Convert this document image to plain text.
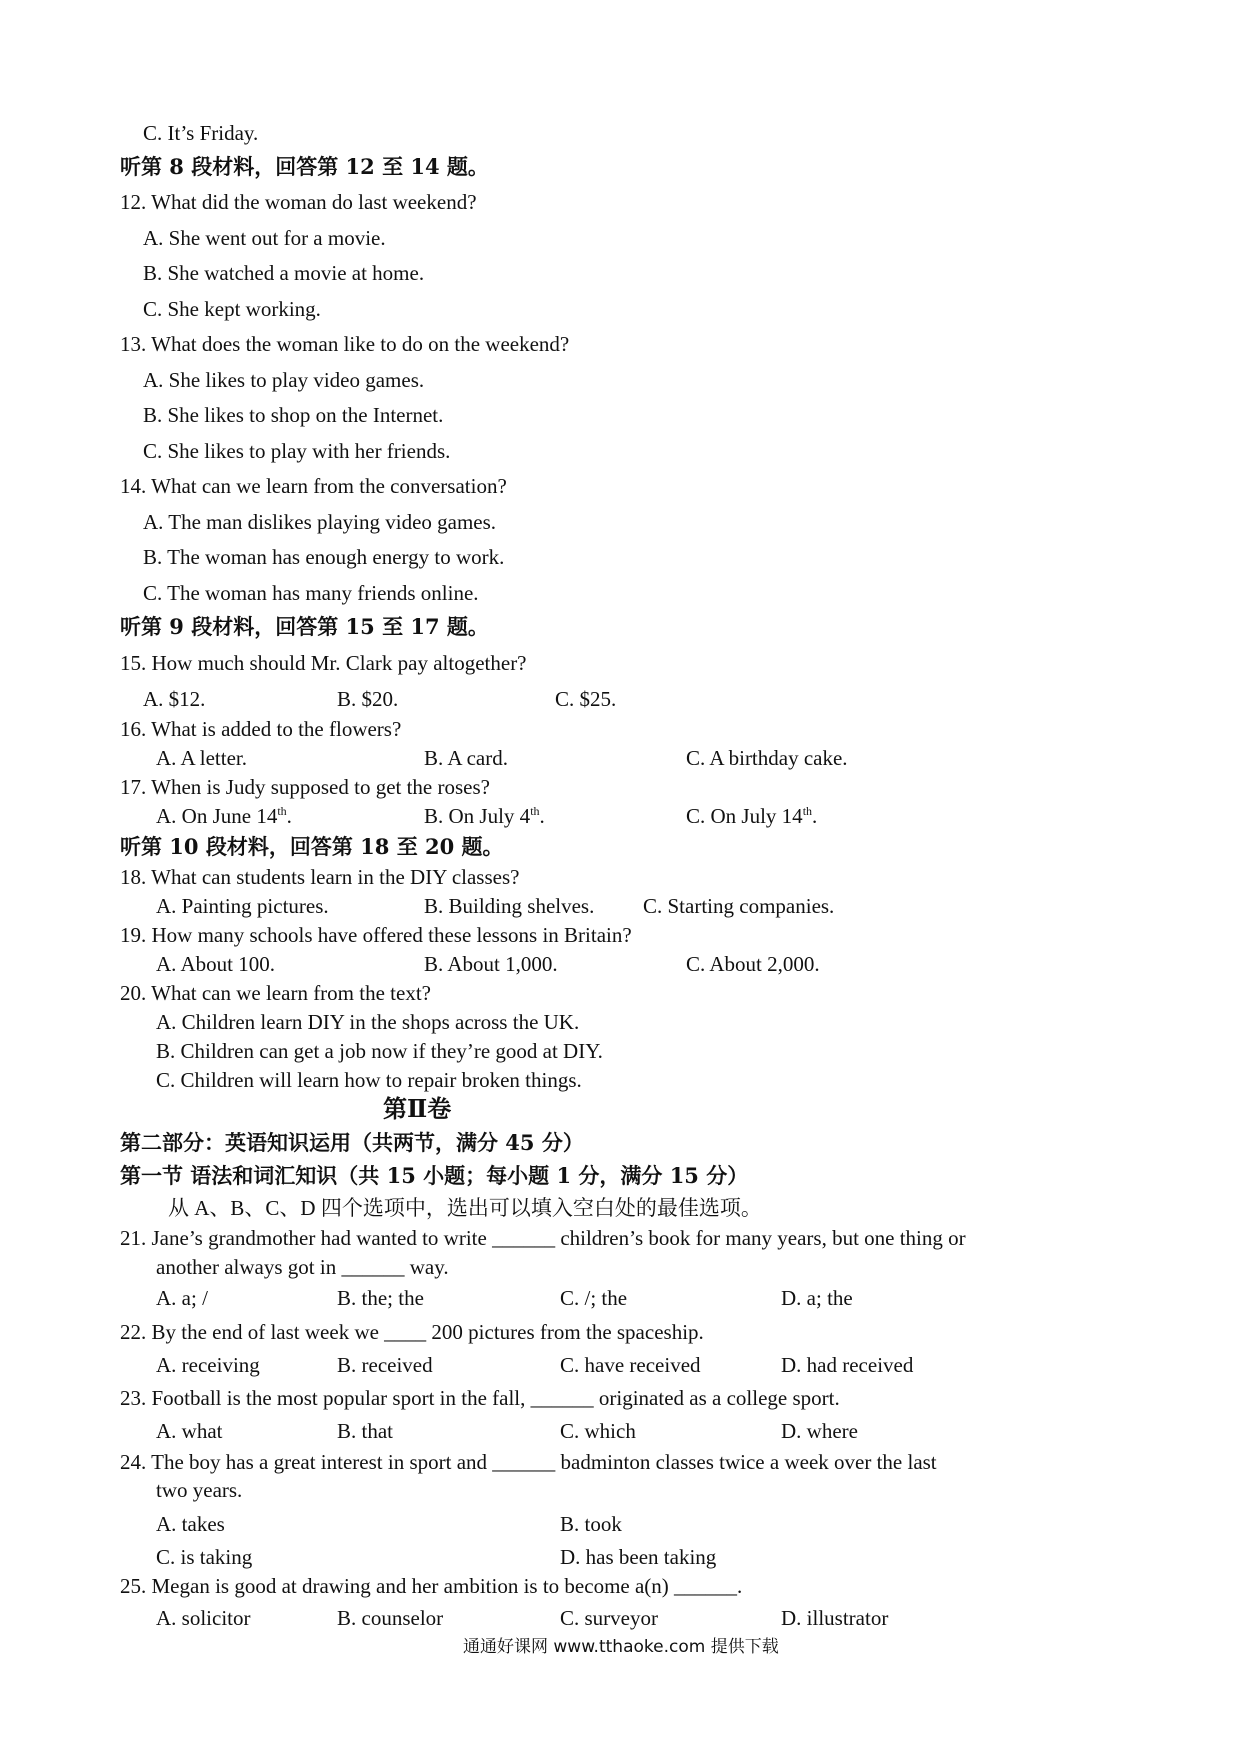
C. It’s Friday.
听第 8 段材料，回答第 12 至 14 题。
12. What did the woman do last weekend?
A. She went out for a movie.
B. She watched a movie at home.
C. She kept working.
13. What does the woman like to do on the weekend?
A. She likes to play video games.
B. She likes to shop on the Internet.
C. She likes to play with her friends.
14. What can we learn from the conversation?
A. The man dislikes playing video games.
B. The woman has enough energy to work.
C. The woman has many friends online.
听第 9 段材料，回答第 15 至 17 题。
15. How much should Mr. Clark pay altogether?
A. $12.	B. $20.	C. $25.
16. What is added to the flowers?
A. A letter.	B. A card.	C. A birthday cake.
17. When is Judy supposed to get the roses?
A. On June 14th.	B. On July 4th.	C. On July 14th.
听第 10 段材料，回答第 18 至 20 题。
18. What can students learn in the DIY classes?
A. Painting pictures.	B. Building shelves. C. Starting companies.
19. How many schools have offered these lessons in Britain?
A. About 100.	B. About 1,000.	C. About 2,000.
20. What can we learn from the text?
A. Children learn DIY in the shops across the UK.
B. Children can get a job now if they’re good at DIY.
C. Children will learn how to repair broken things.
第Ⅱ卷
第二部分：英语知识运用（共两节，满分 45 分）
第一节 语法和词汇知识（共 15 小题；每小题 1 分，满分 15 分）
从 A、B、C、D 四个选项中，选出可以填入空白处的最佳选项。
21. Jane’s grandmother had wanted to write ______ children’s book for many years, but one thing or
another always got in ______ way.
A. a; /	B. the; the	C. /; the	D. a; the
22. By the end of last week we ____ 200 pictures from the spaceship.
A. receiving	B. received	C. have received	D. had received
23. Football is the most popular sport in the fall, ______ originated as a college sport.
A. what	B. that	C. which	D. where
24. The boy has a great interest in sport and ______ badminton classes twice a week over the last
two years.
A. takes	B. took
C. is taking	D. has been taking
25. Megan is good at drawing and her ambition is to become a(n) ______.
A. solicitor	B. counselor	C. surveyor	D. illustrator
通通好课网 www.tthaoke.com 提供下载
